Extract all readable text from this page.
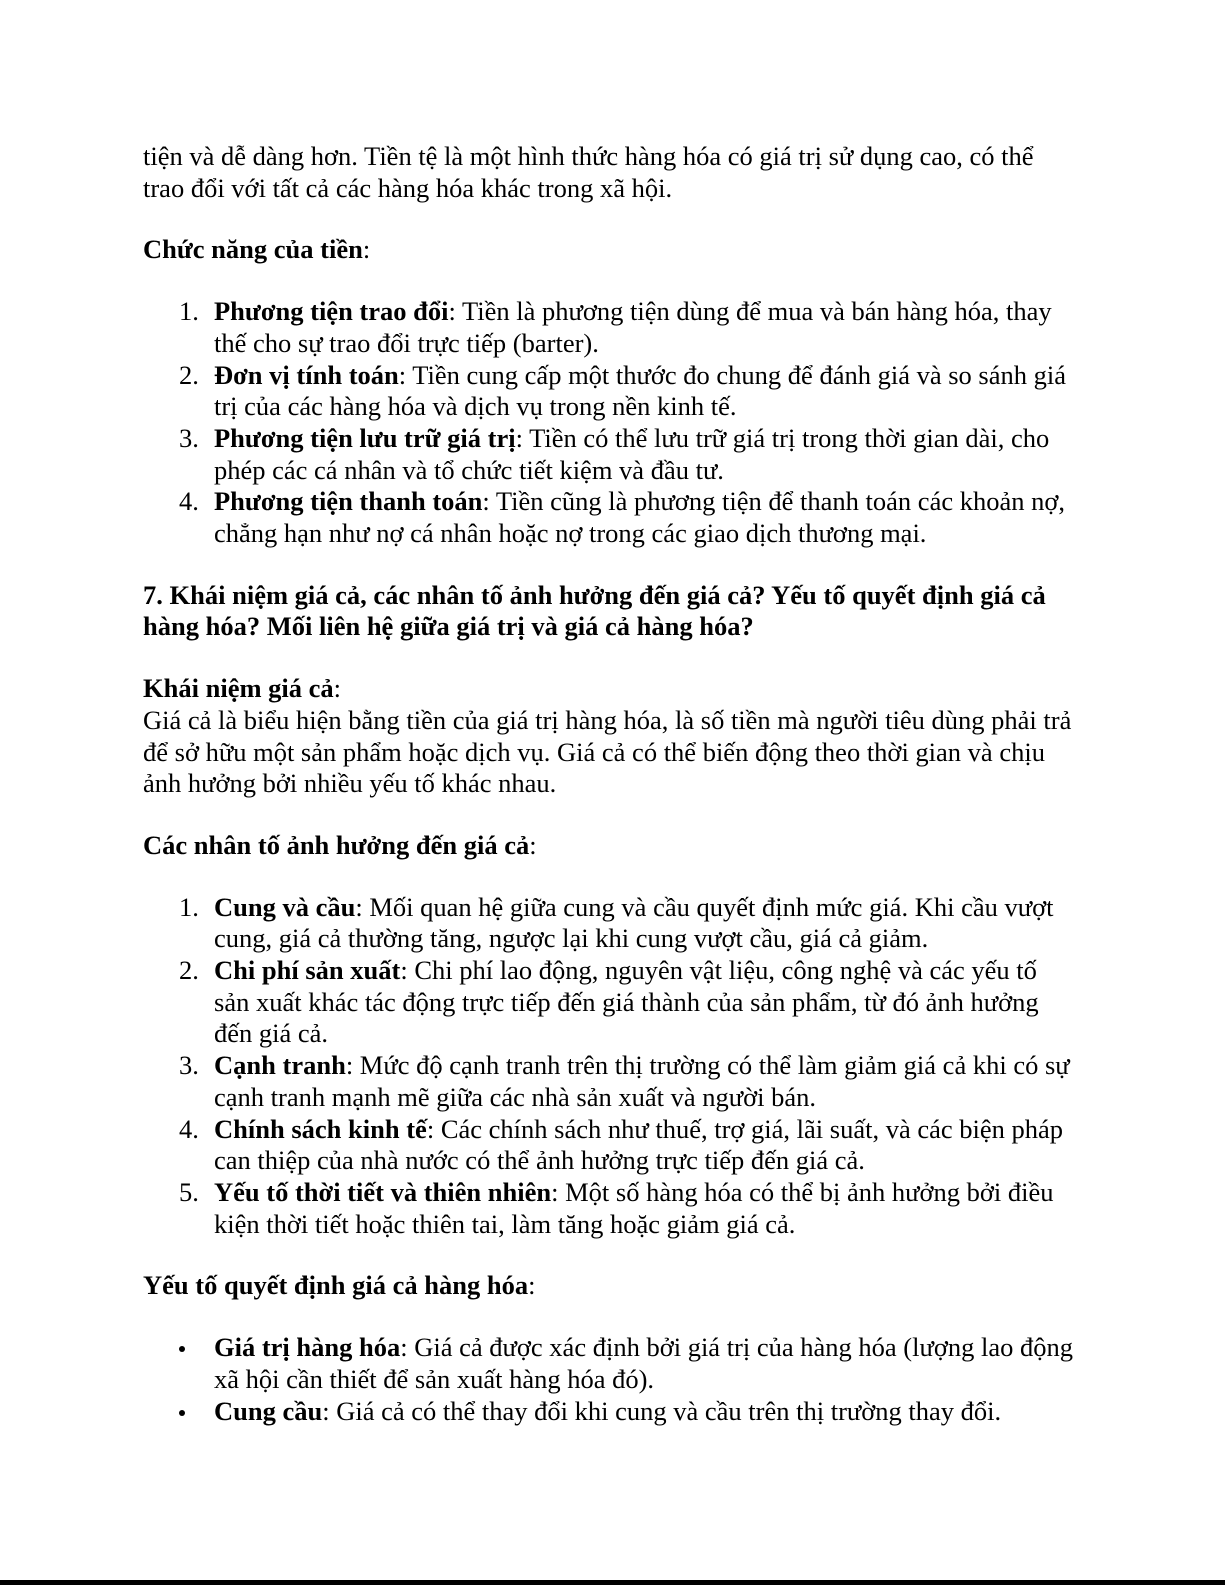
tiện và dễ dàng hơn. Tiền tệ là một hình thức hàng hóa có giá trị sử dụng cao, có thể trao đổi với tất cả các hàng hóa khác trong xã hội.

Chức năng của tiền:

1. Phương tiện trao đổi: Tiền là phương tiện dùng để mua và bán hàng hóa, thay thế cho sự trao đổi trực tiếp (barter).
2. Đơn vị tính toán: Tiền cung cấp một thước đo chung để đánh giá và so sánh giá trị của các hàng hóa và dịch vụ trong nền kinh tế.
3. Phương tiện lưu trữ giá trị: Tiền có thể lưu trữ giá trị trong thời gian dài, cho phép các cá nhân và tổ chức tiết kiệm và đầu tư.
4. Phương tiện thanh toán: Tiền cũng là phương tiện để thanh toán các khoản nợ, chẳng hạn như nợ cá nhân hoặc nợ trong các giao dịch thương mại.

7. Khái niệm giá cả, các nhân tố ảnh hưởng đến giá cả? Yếu tố quyết định giá cả hàng hóa? Mối liên hệ giữa giá trị và giá cả hàng hóa?

Khái niệm giá cả:

Giá cả là biểu hiện bằng tiền của giá trị hàng hóa, là số tiền mà người tiêu dùng phải trả để sở hữu một sản phẩm hoặc dịch vụ. Giá cả có thể biến động theo thời gian và chịu ảnh hưởng bởi nhiều yếu tố khác nhau.

Các nhân tố ảnh hưởng đến giá cả:

1. Cung và cầu: Mối quan hệ giữa cung và cầu quyết định mức giá. Khi cầu vượt cung, giá cả thường tăng, ngược lại khi cung vượt cầu, giá cả giảm.
2. Chi phí sản xuất: Chi phí lao động, nguyên vật liệu, công nghệ và các yếu tố sản xuất khác tác động trực tiếp đến giá thành của sản phẩm, từ đó ảnh hưởng đến giá cả.
3. Cạnh tranh: Mức độ cạnh tranh trên thị trường có thể làm giảm giá cả khi có sự cạnh tranh mạnh mẽ giữa các nhà sản xuất và người bán.
4. Chính sách kinh tế: Các chính sách như thuế, trợ giá, lãi suất, và các biện pháp can thiệp của nhà nước có thể ảnh hưởng trực tiếp đến giá cả.
5. Yếu tố thời tiết và thiên nhiên: Một số hàng hóa có thể bị ảnh hưởng bởi điều kiện thời tiết hoặc thiên tai, làm tăng hoặc giảm giá cả.

Yếu tố quyết định giá cả hàng hóa:

Giá trị hàng hóa: Giá cả được xác định bởi giá trị của hàng hóa (lượng lao động xã hội cần thiết để sản xuất hàng hóa đó).
Cung cầu: Giá cả có thể thay đổi khi cung và cầu trên thị trường thay đổi.
